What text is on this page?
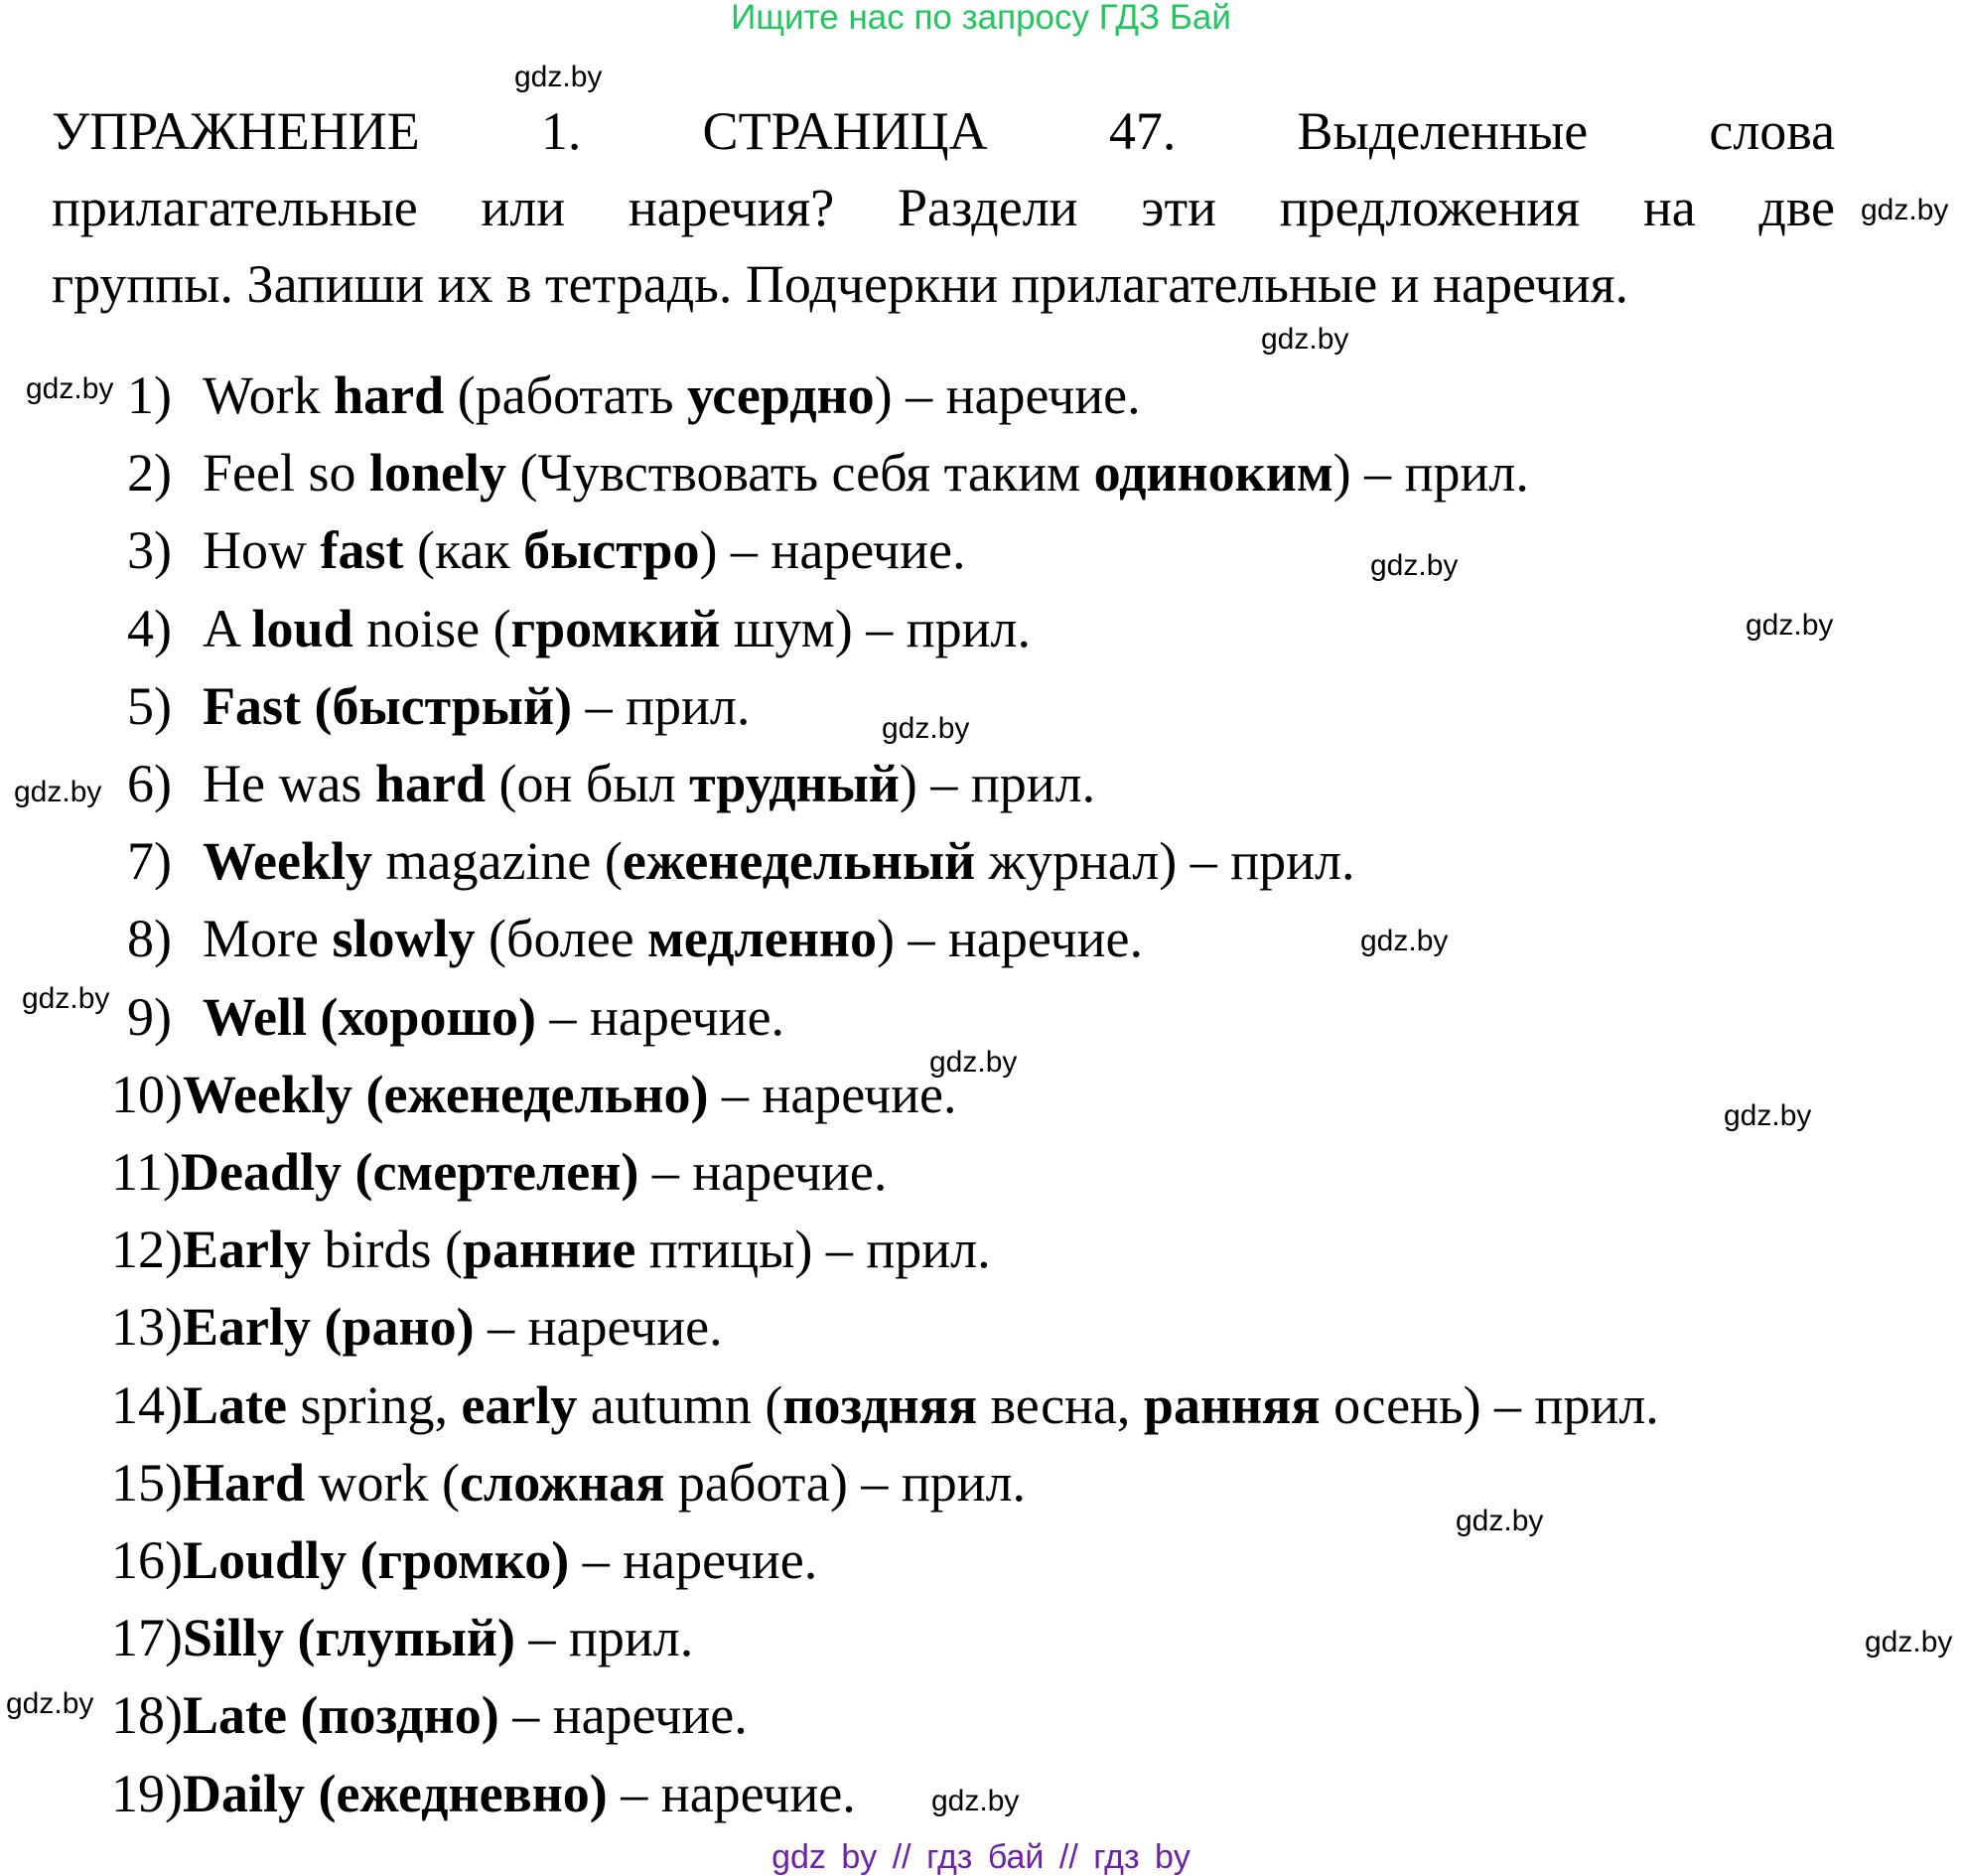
Ищите нас по запросу ГДЗ Бай
УПРАЖНЕНИЕ 1. СТРАНИЦА 47. Выделенные слова
прилагательные или наречия? Раздели эти предложения на две
группы. Запиши их в тетрадь. Подчеркни прилагательные и наречия.
1) Work hard (работать усердно) – наречие.
2) Feel so lonely (Чувствовать себя таким одиноким) – прил.
3) How fast (как быстро) – наречие.
4) A loud noise (громкий шум) – прил.
5) Fast (быстрый) – прил.
6) He was hard (он был трудный) – прил.
7) Weekly magazine (еженедельный журнал) – прил.
8) More slowly (более медленно) – наречие.
9) Well (хорошо) – наречие.
10)Weekly (еженедельно) – наречие.
11)Deadly (смертелен) – наречие.
12)Early birds (ранние птицы) – прил.
13)Early (рано) – наречие.
14)Late spring, early autumn (поздняя весна, ранняя осень) – прил.
15)Hard work (сложная работа) – прил.
16)Loudly (громко) – наречие.
17)Silly (глупый) – прил.
18)Late (поздно) – наречие.
19)Daily (ежедневно) – наречие.
gdz.by
gdz.by
gdz.by
gdz.by
gdz.by
gdz.by
gdz.by
gdz.by
gdz.by
gdz.by
gdz.by
gdz.by
gdz.by
gdz.by
gdz.by
gdz.by
gdz by // гдз бай // гдз by
